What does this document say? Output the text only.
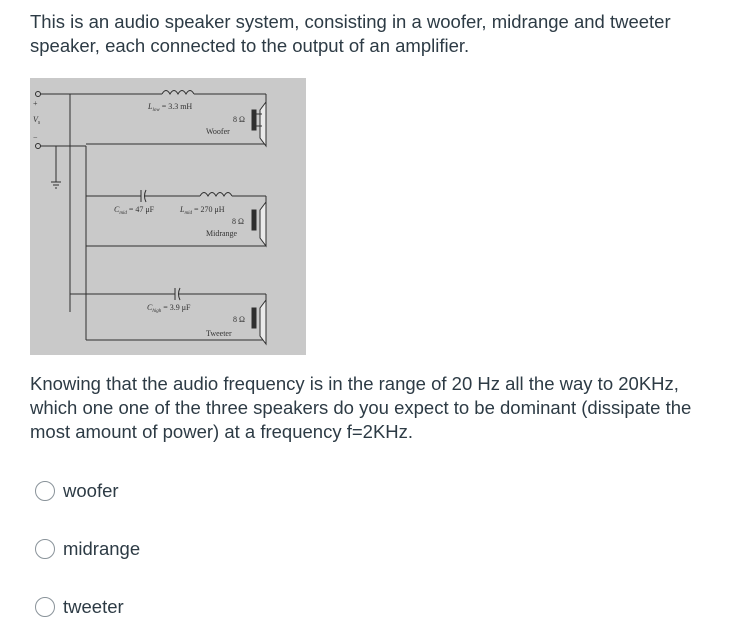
This is an audio speaker system, consisting in a woofer, midrange and tweeter speaker, each connected to the output of an amplifier.

+
$V_s$
−
$L_{low} = 3.3$ mH
8 Ω
Woofer
$C_{mid} = 47$ μF	$L_{mid} = 270$ μH
8 Ω
Midrange
$C_{high} = 3.9$ μF
8 Ω
Tweeter

Knowing that the audio frequency is in the range of 20 Hz all the way to 20KHz, which one one of the three speakers do you expect to be dominant (dissipate the most amount of power) at a frequency f=2KHz.

woofer
midrange
tweeter
